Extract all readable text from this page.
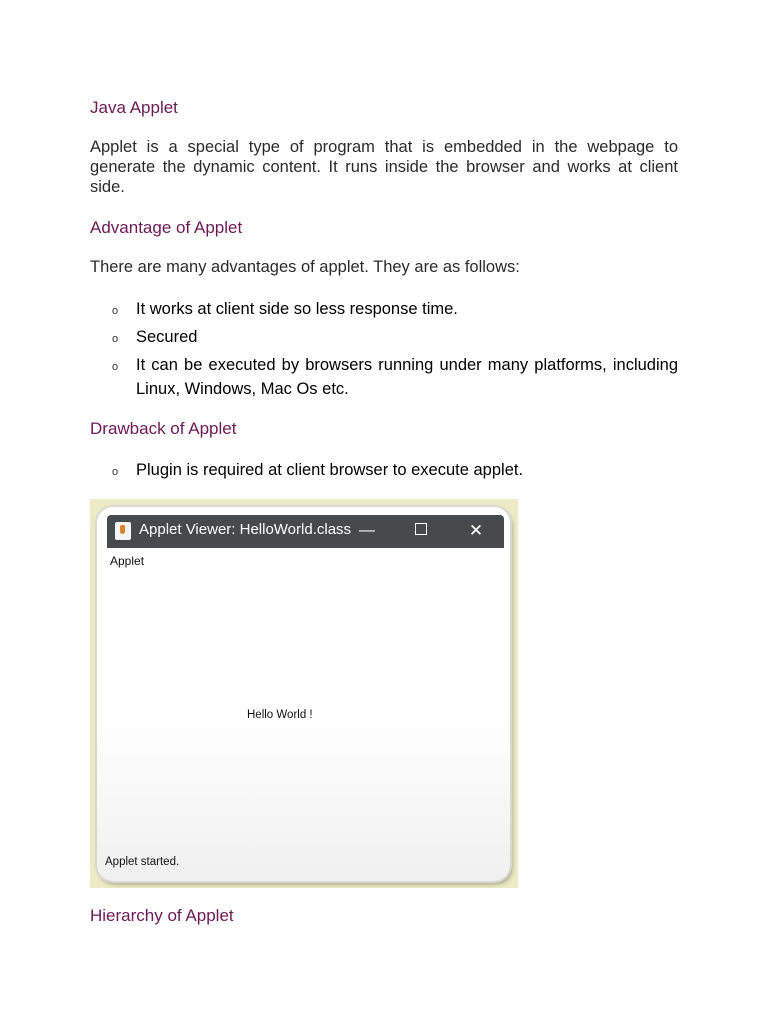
Java Applet
Applet is a special type of program that is embedded in the webpage to generate the dynamic content. It runs inside the browser and works at client side.
Advantage of Applet
There are many advantages of applet. They are as follows:
o It works at client side so less response time.
o Secured
o It can be executed by browsers running under many platforms, including Linux, Windows, Mac Os etc.
Drawback of Applet
o Plugin is required at client browser to execute applet.
Applet Viewer: HelloWorld.class —	✕
Applet
Hello World !
Applet started.
Hierarchy of Applet
